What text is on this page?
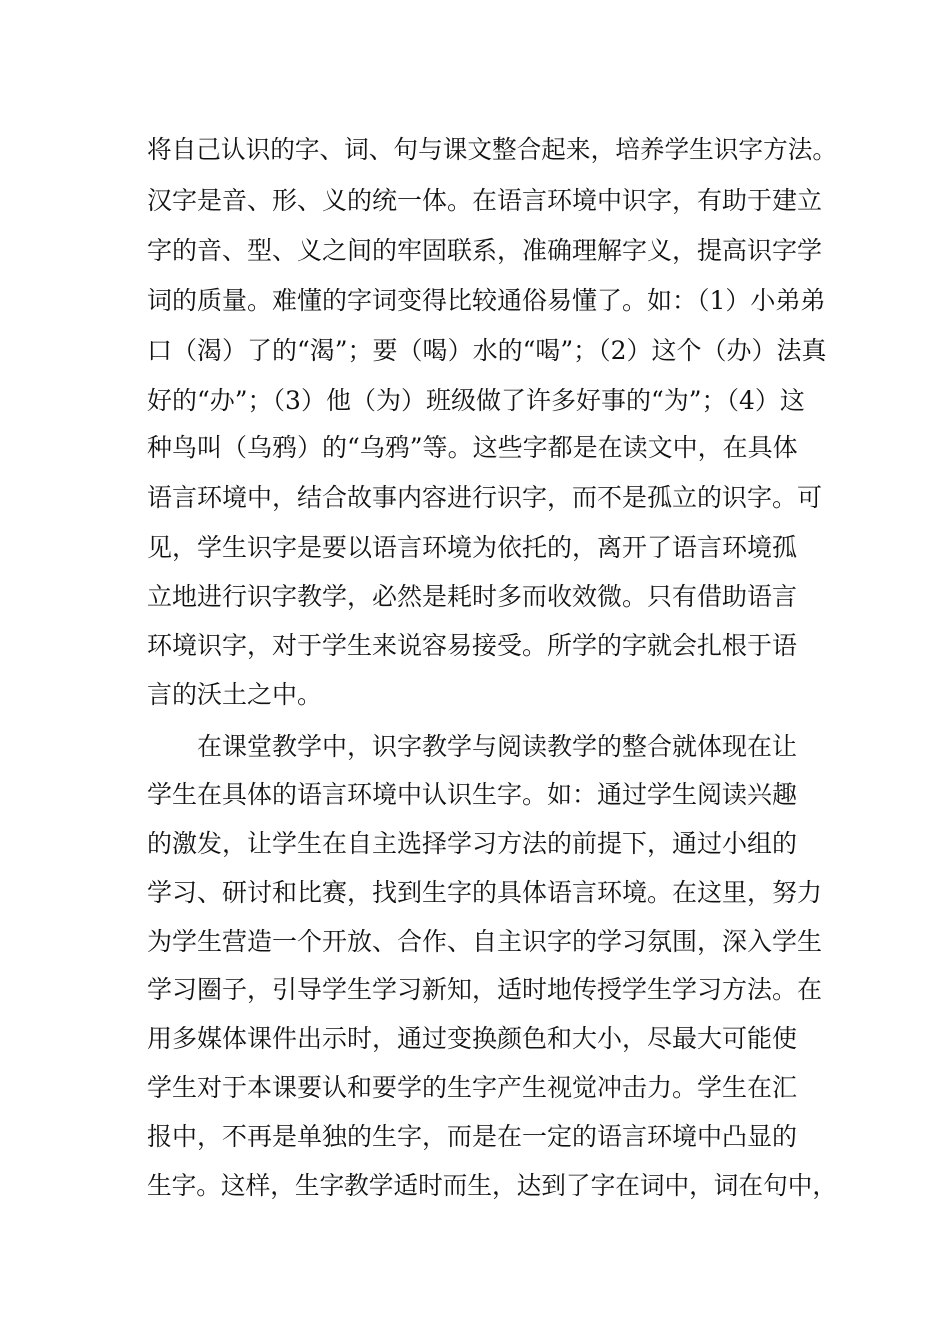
将自己认识的字、词、句与课文整合起来，培养学生识字方法。
汉字是音、形、义的统一体。在语言环境中识字，有助于建立
字的音、型、义之间的牢固联系，准确理解字义，提高识字学
词的质量。难懂的字词变得比较通俗易懂了。如：（1）小弟弟
口（渴）了的“渴”；要（喝）水的“喝”；（2）这个（办）法真
好的“办”；（3）他（为）班级做了许多好事的“为”；（4）这
种鸟叫（乌鸦）的“乌鸦”等。这些字都是在读文中，在具体
语言环境中，结合故事内容进行识字，而不是孤立的识字。可
见，学生识字是要以语言环境为依托的，离开了语言环境孤
立地进行识字教学，必然是耗时多而收效微。只有借助语言
环境识字，对于学生来说容易接受。所学的字就会扎根于语
言的沃土之中。
在课堂教学中，识字教学与阅读教学的整合就体现在让
学生在具体的语言环境中认识生字。如：通过学生阅读兴趣
的激发，让学生在自主选择学习方法的前提下，通过小组的
学习、研讨和比赛，找到生字的具体语言环境。在这里，努力
为学生营造一个开放、合作、自主识字的学习氛围，深入学生
学习圈子，引导学生学习新知，适时地传授学生学习方法。在
用多媒体课件出示时，通过变换颜色和大小，尽最大可能使
学生对于本课要认和要学的生字产生视觉冲击力。学生在汇
报中，不再是单独的生字，而是在一定的语言环境中凸显的
生字。这样，生字教学适时而生，达到了字在词中，词在句中，
